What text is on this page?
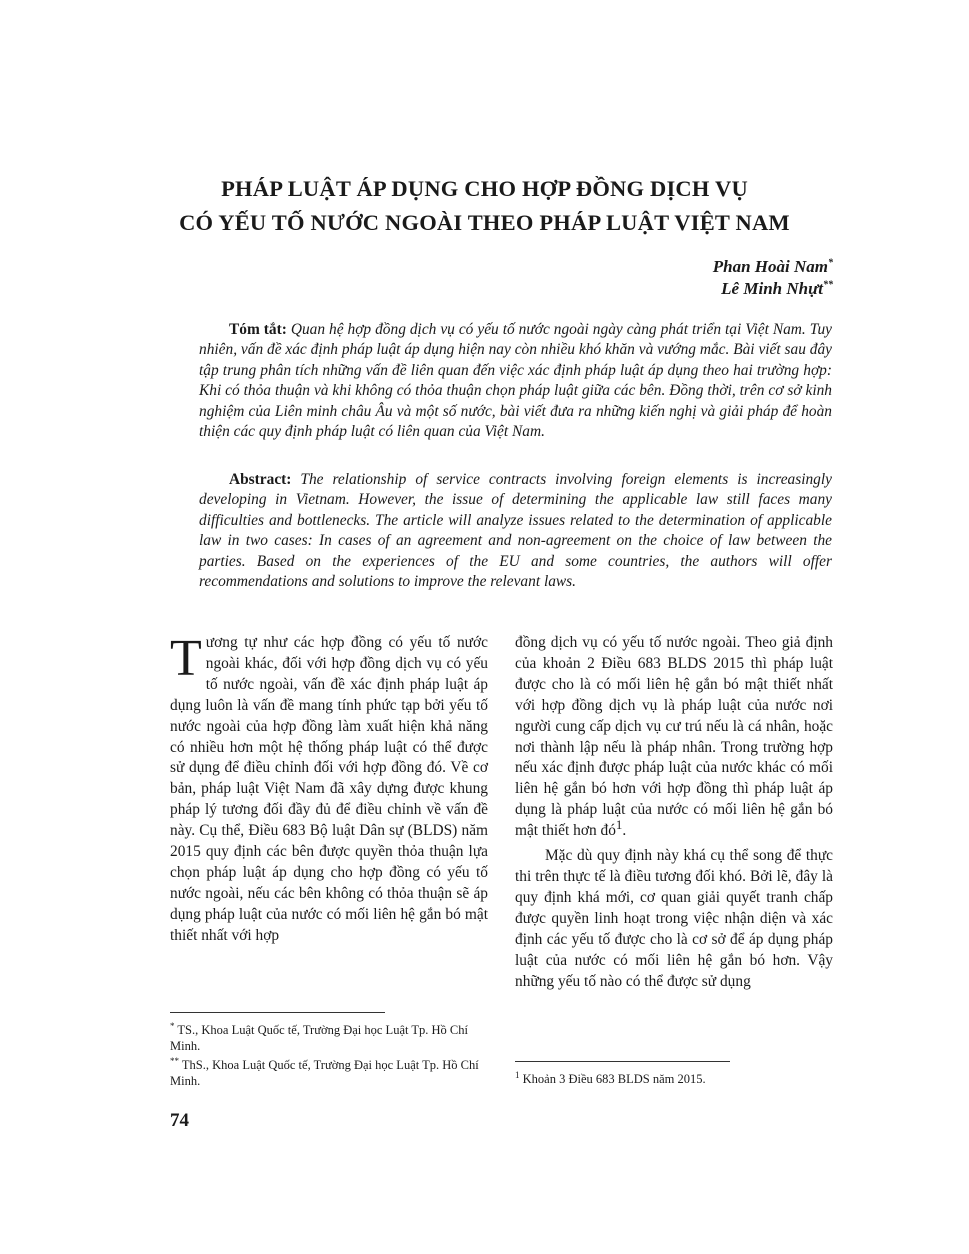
PHÁP LUẬT ÁP DỤNG CHO HỢP ĐỒNG DỊCH VỤ
CÓ YẾU TỐ NƯỚC NGOÀI THEO PHÁP LUẬT VIỆT NAM
Phan Hoài Nam*
Lê Minh Nhựt**
Tóm tắt: Quan hệ hợp đồng dịch vụ có yếu tố nước ngoài ngày càng phát triển tại Việt Nam. Tuy nhiên, vấn đề xác định pháp luật áp dụng hiện nay còn nhiều khó khăn và vướng mắc. Bài viết sau đây tập trung phân tích những vấn đề liên quan đến việc xác định pháp luật áp dụng theo hai trường hợp: Khi có thỏa thuận và khi không có thỏa thuận chọn pháp luật giữa các bên. Đồng thời, trên cơ sở kinh nghiệm của Liên minh châu Âu và một số nước, bài viết đưa ra những kiến nghị và giải pháp để hoàn thiện các quy định pháp luật có liên quan của Việt Nam.
Abstract: The relationship of service contracts involving foreign elements is increasingly developing in Vietnam. However, the issue of determining the applicable law still faces many difficulties and bottlenecks. The article will analyze issues related to the determination of applicable law in two cases: In cases of an agreement and non-agreement on the choice of law between the parties. Based on the experiences of the EU and some countries, the authors will offer recommendations and solutions to improve the relevant laws.

Tương tự như các hợp đồng có yếu tố nước ngoài khác, đối với hợp đồng dịch vụ có yếu tố nước ngoài, vấn đề xác định pháp luật áp dụng luôn là vấn đề mang tính phức tạp bởi yếu tố nước ngoài của hợp đồng làm xuất hiện khả năng có nhiều hơn một hệ thống pháp luật có thể được sử dụng để điều chỉnh đối với hợp đồng đó. Về cơ bản, pháp luật Việt Nam đã xây dựng được khung pháp lý tương đối đầy đủ để điều chỉnh về vấn đề này. Cụ thể, Điều 683 Bộ luật Dân sự (BLDS) năm 2015 quy định các bên được quyền thỏa thuận lựa chọn pháp luật áp dụng cho hợp đồng có yếu tố nước ngoài, nếu các bên không có thỏa thuận sẽ áp dụng pháp luật của nước có mối liên hệ gắn bó mật thiết nhất với hợp

đồng dịch vụ có yếu tố nước ngoài. Theo giả định của khoản 2 Điều 683 BLDS 2015 thì pháp luật được cho là có mối liên hệ gắn bó mật thiết nhất với hợp đồng dịch vụ là pháp luật của nước nơi người cung cấp dịch vụ cư trú nếu là cá nhân, hoặc nơi thành lập nếu là pháp nhân. Trong trường hợp nếu xác định được pháp luật của nước khác có mối liên hệ gắn bó hơn với hợp đồng thì pháp luật áp dụng là pháp luật của nước có mối liên hệ gắn bó mật thiết hơn $đó^1$.

Mặc dù quy định này khá cụ thể song để thực thi trên thực tế là điều tương đối khó. Bởi lẽ, đây là quy định khá mới, cơ quan giải quyết tranh chấp được quyền linh hoạt trong việc nhận diện và xác định các yếu tố được cho là cơ sở để áp dụng pháp luật của nước có mối liên hệ gắn bó hơn. Vậy những yếu tố nào có thể được sử dụng

* TS., Khoa Luật Quốc tế, Trường Đại học Luật Tp. Hồ Chí Minh.
** ThS., Khoa Luật Quốc tế, Trường Đại học Luật Tp. Hồ Chí Minh.	$^1$ Khoản 3 Điều 683 BLDS năm 2015.
74
